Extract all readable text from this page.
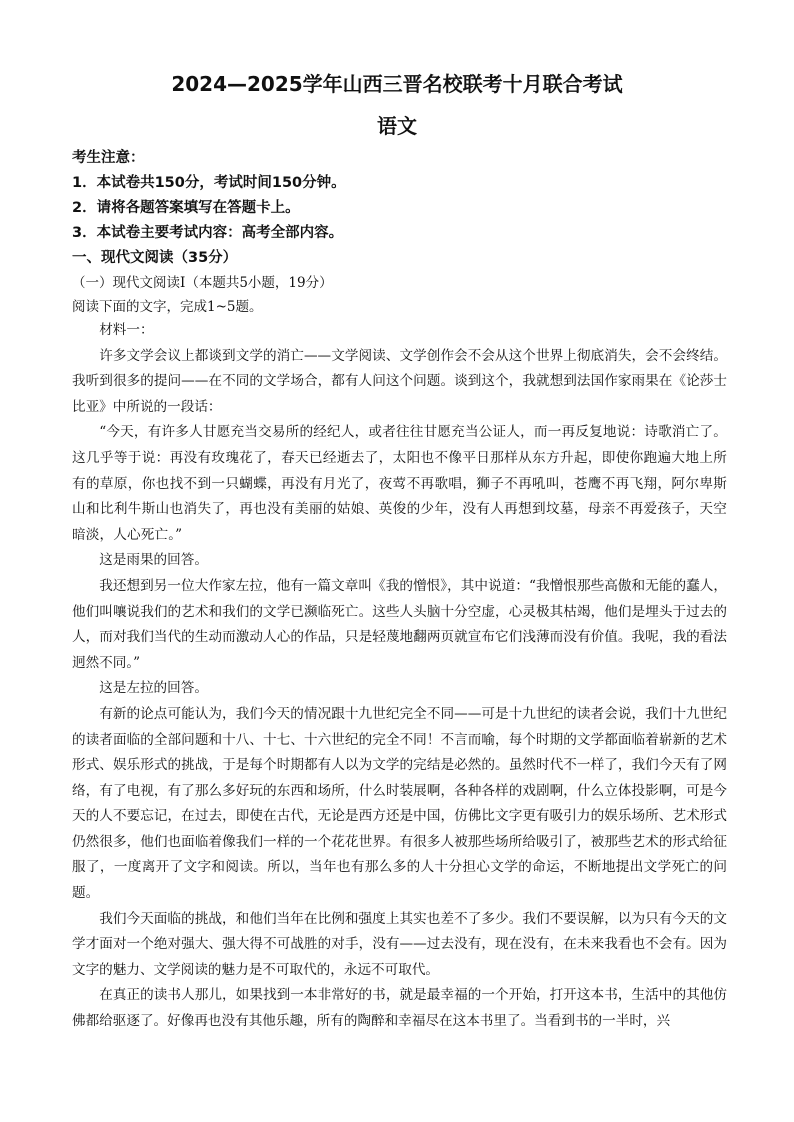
2024—2025学年山西三晋名校联考十月联合考试
语文
考生注意：
1．本试卷共150分，考试时间150分钟。
2．请将各题答案填写在答题卡上。
3．本试卷主要考试内容：高考全部内容。
一、现代文阅读（35分）
（一）现代文阅读Ⅰ（本题共5小题，19分）
阅读下面的文字，完成1~5题。

材料一：

许多文学会议上都谈到文学的消亡——文学阅读、文学创作会不会从这个世界上彻底消失，会不会终结。我听到很多的提问——在不同的文学场合，都有人问这个问题。谈到这个，我就想到法国作家雨果在《论莎士比亚》中所说的一段话：

“今天，有许多人甘愿充当交易所的经纪人，或者往往甘愿充当公证人，而一再反复地说：诗歌消亡了。这几乎等于说：再没有玫瑰花了，春天已经逝去了，太阳也不像平日那样从东方升起，即使你跑遍大地上所有的草原，你也找不到一只蝴蝶，再没有月光了，夜莺不再歌唱，狮子不再吼叫，苍鹰不再飞翔，阿尔卑斯山和比利牛斯山也消失了，再也没有美丽的姑娘、英俊的少年，没有人再想到坟墓，母亲不再爱孩子，天空暗淡，人心死亡。”

这是雨果的回答。

我还想到另一位大作家左拉，他有一篇文章叫《我的憎恨》，其中说道：“我憎恨那些高傲和无能的蠢人，他们叫嚷说我们的艺术和我们的文学已濒临死亡。这些人头脑十分空虚，心灵极其枯竭，他们是埋头于过去的人，而对我们当代的生动而激动人心的作品，只是轻蔑地翻两页就宣布它们浅薄而没有价值。我呢，我的看法迥然不同。”

这是左拉的回答。

有新的论点可能认为，我们今天的情况跟十九世纪完全不同——可是十九世纪的读者会说，我们十九世纪的读者面临的全部问题和十八、十七、十六世纪的完全不同！不言而喻，每个时期的文学都面临着崭新的艺术形式、娱乐形式的挑战，于是每个时期都有人以为文学的完结是必然的。虽然时代不一样了，我们今天有了网络，有了电视，有了那么多好玩的东西和场所，什么时装展啊，各种各样的戏剧啊，什么立体投影啊，可是今天的人不要忘记，在过去，即使在古代，无论是西方还是中国，仿佛比文字更有吸引力的娱乐场所、艺术形式仍然很多，他们也面临着像我们一样的一个花花世界。有很多人被那些场所给吸引了，被那些艺术的形式给征服了，一度离开了文字和阅读。所以，当年也有那么多的人十分担心文学的命运，不断地提出文学死亡的问题。

我们今天面临的挑战，和他们当年在比例和强度上其实也差不了多少。我们不要误解，以为只有今天的文学才面对一个绝对强大、强大得不可战胜的对手，没有——过去没有，现在没有，在未来我看也不会有。因为文字的魅力、文学阅读的魅力是不可取代的，永远不可取代。

在真正的读书人那儿，如果找到一本非常好的书，就是最幸福的一个开始，打开这本书，生活中的其他仿佛都给驱逐了。好像再也没有其他乐趣，所有的陶醉和幸福尽在这本书里了。当看到书的一半时，兴
